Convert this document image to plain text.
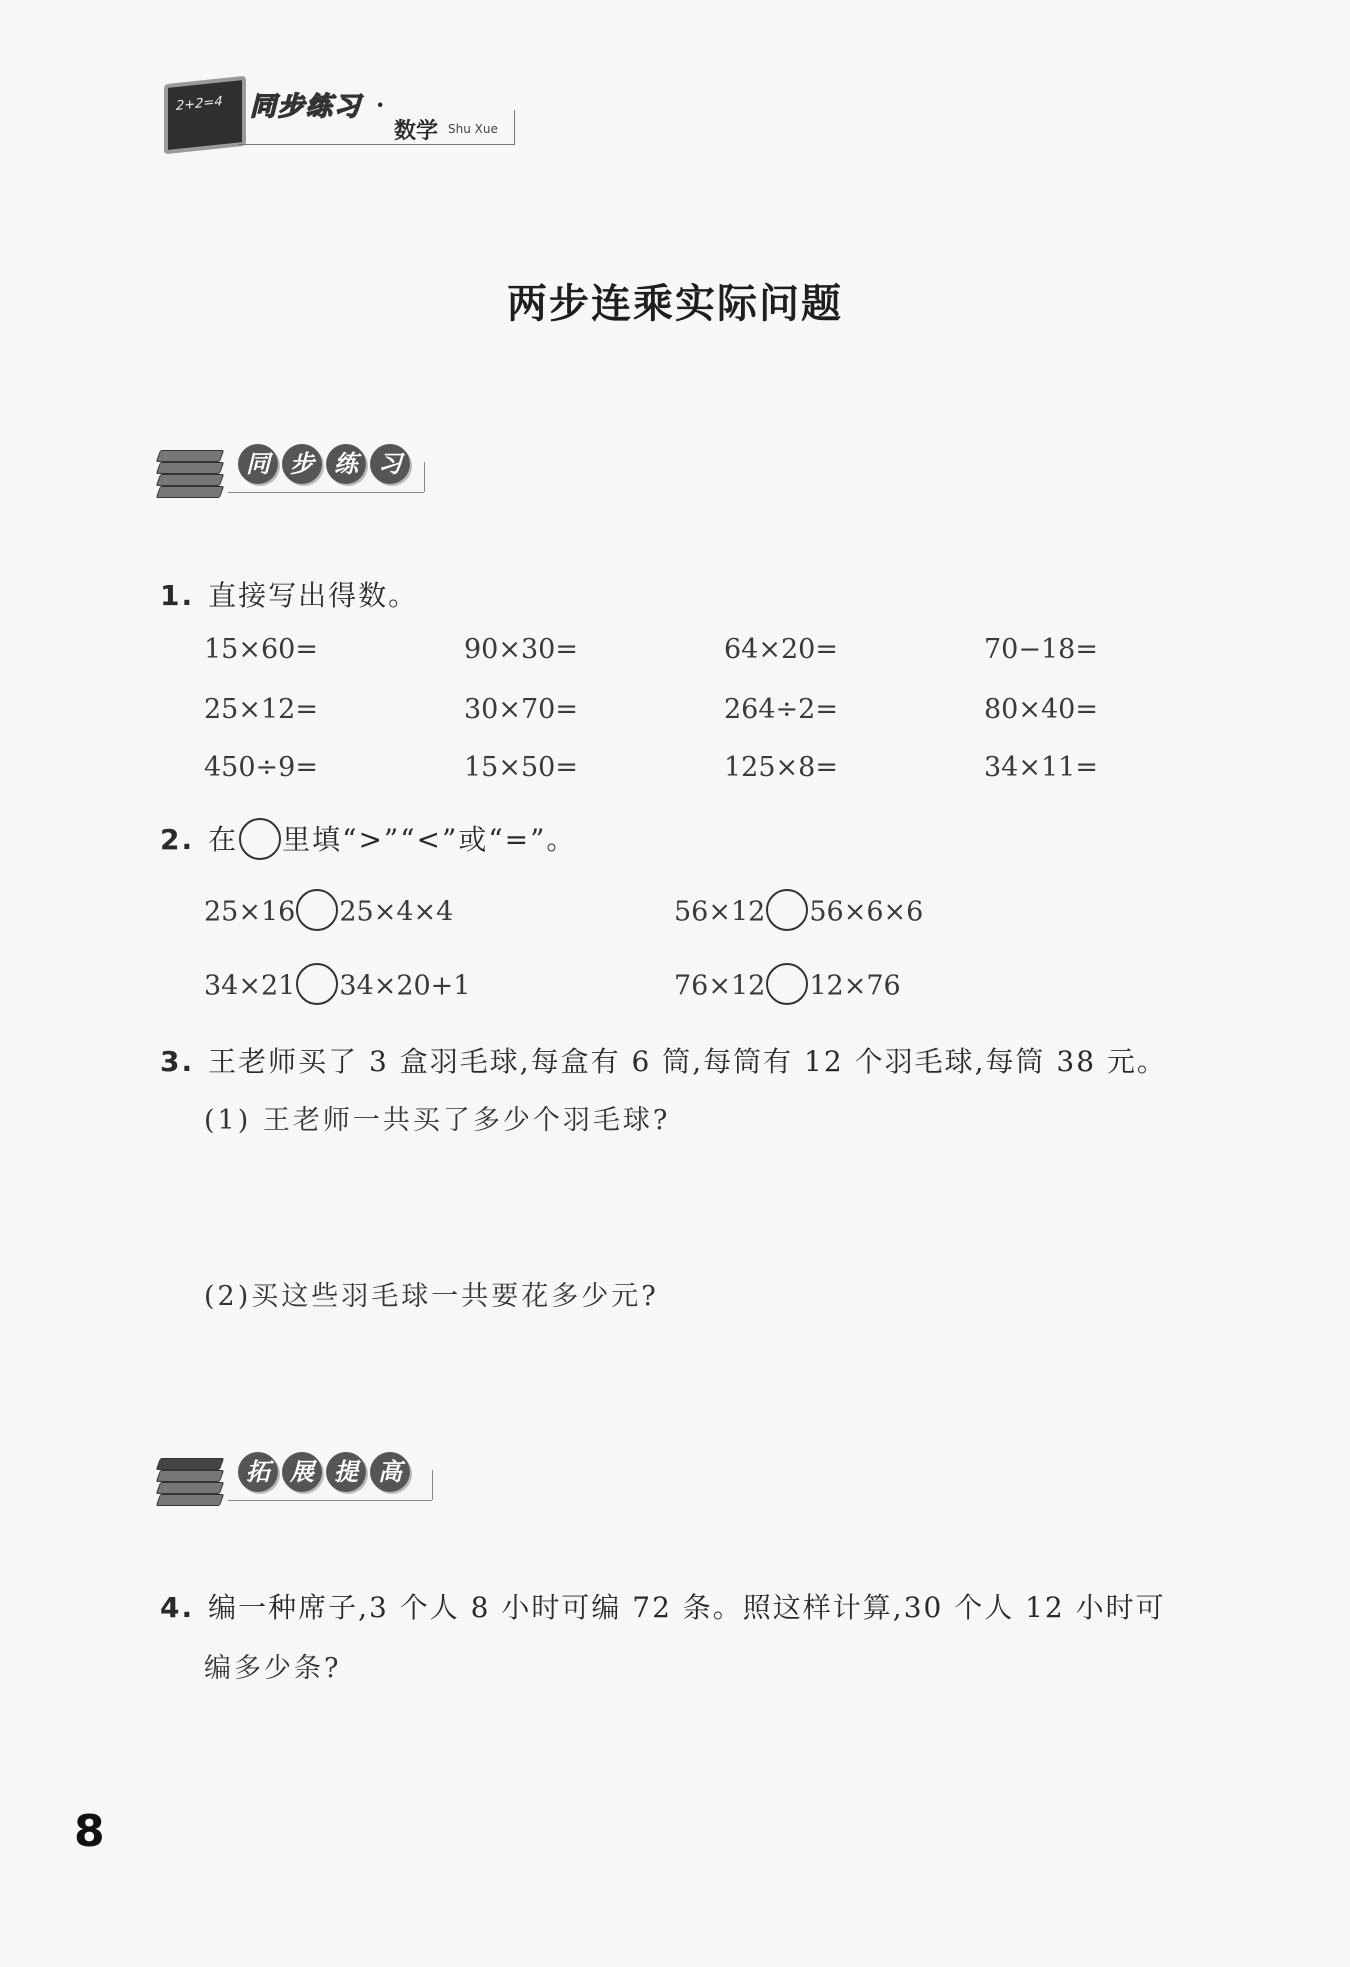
2+2=4 同步练习 ·
数学 Shu Xue
两步连乘实际问题
同 步 练 习
1. 直接写出得数。
15×60=	90×30=	64×20=	70−18=
25×12=	30×70=	264÷2=	80×40=
450÷9=	15×50=	125×8=	34×11=
2. 在 里填“>”“<”或“=”。
25×16 25×4×4	56×12 56×6×6
34×21 34×20+1	76×12 12×76
3. 王老师买了 3 盒羽毛球,每盒有 6 筒,每筒有 12 个羽毛球,每筒 38 元。
(1) 王老师一共买了多少个羽毛球?
(2)买这些羽毛球一共要花多少元?
拓 展 提 高
4. 编一种席子,3 个人 8 小时可编 72 条。照这样计算,30 个人 12 小时可
编多少条?
8
